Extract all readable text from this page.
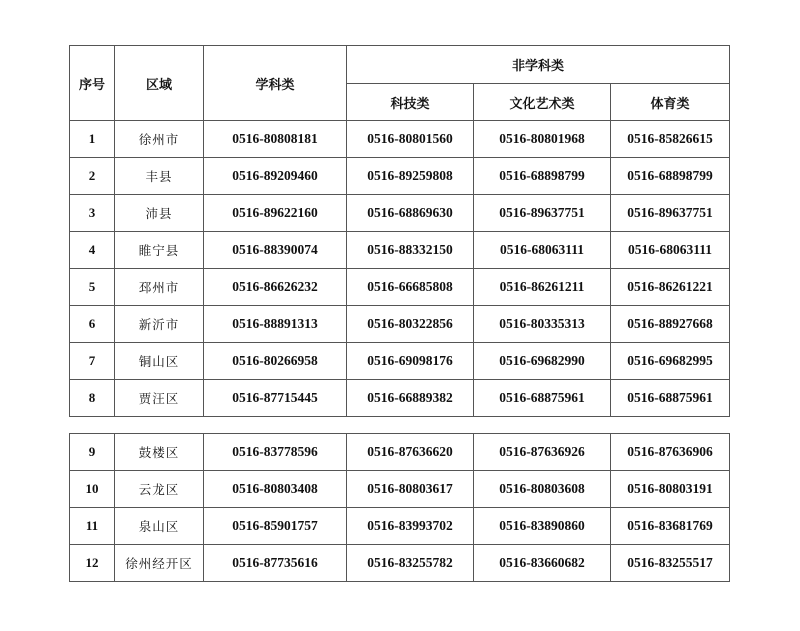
序号	区域	学科类	非学科类		
			科技类	文化艺术类	体育类
1	徐州市	0516-80808181	0516-80801560	0516-80801968	0516-85826615
2	丰县	0516-89209460	0516-89259808	0516-68898799	0516-68898799
3	沛县	0516-89622160	0516-68869630	0516-89637751	0516-89637751
4	睢宁县	0516-88390074	0516-88332150	0516-68063111	0516-68063111
5	邳州市	0516-86626232	0516-66685808	0516-86261211	0516-86261221
6	新沂市	0516-88891313	0516-80322856	0516-80335313	0516-88927668
7	铜山区	0516-80266958	0516-69098176	0516-69682990	0516-69682995
8	贾汪区	0516-87715445	0516-66889382	0516-68875961	0516-68875961
9	鼓楼区	0516-83778596	0516-87636620	0516-87636926	0516-87636906
10	云龙区	0516-80803408	0516-80803617	0516-80803608	0516-80803191
11	泉山区	0516-85901757	0516-83993702	0516-83890860	0516-83681769
12	徐州经开区	0516-87735616	0516-83255782	0516-83660682	0516-83255517
